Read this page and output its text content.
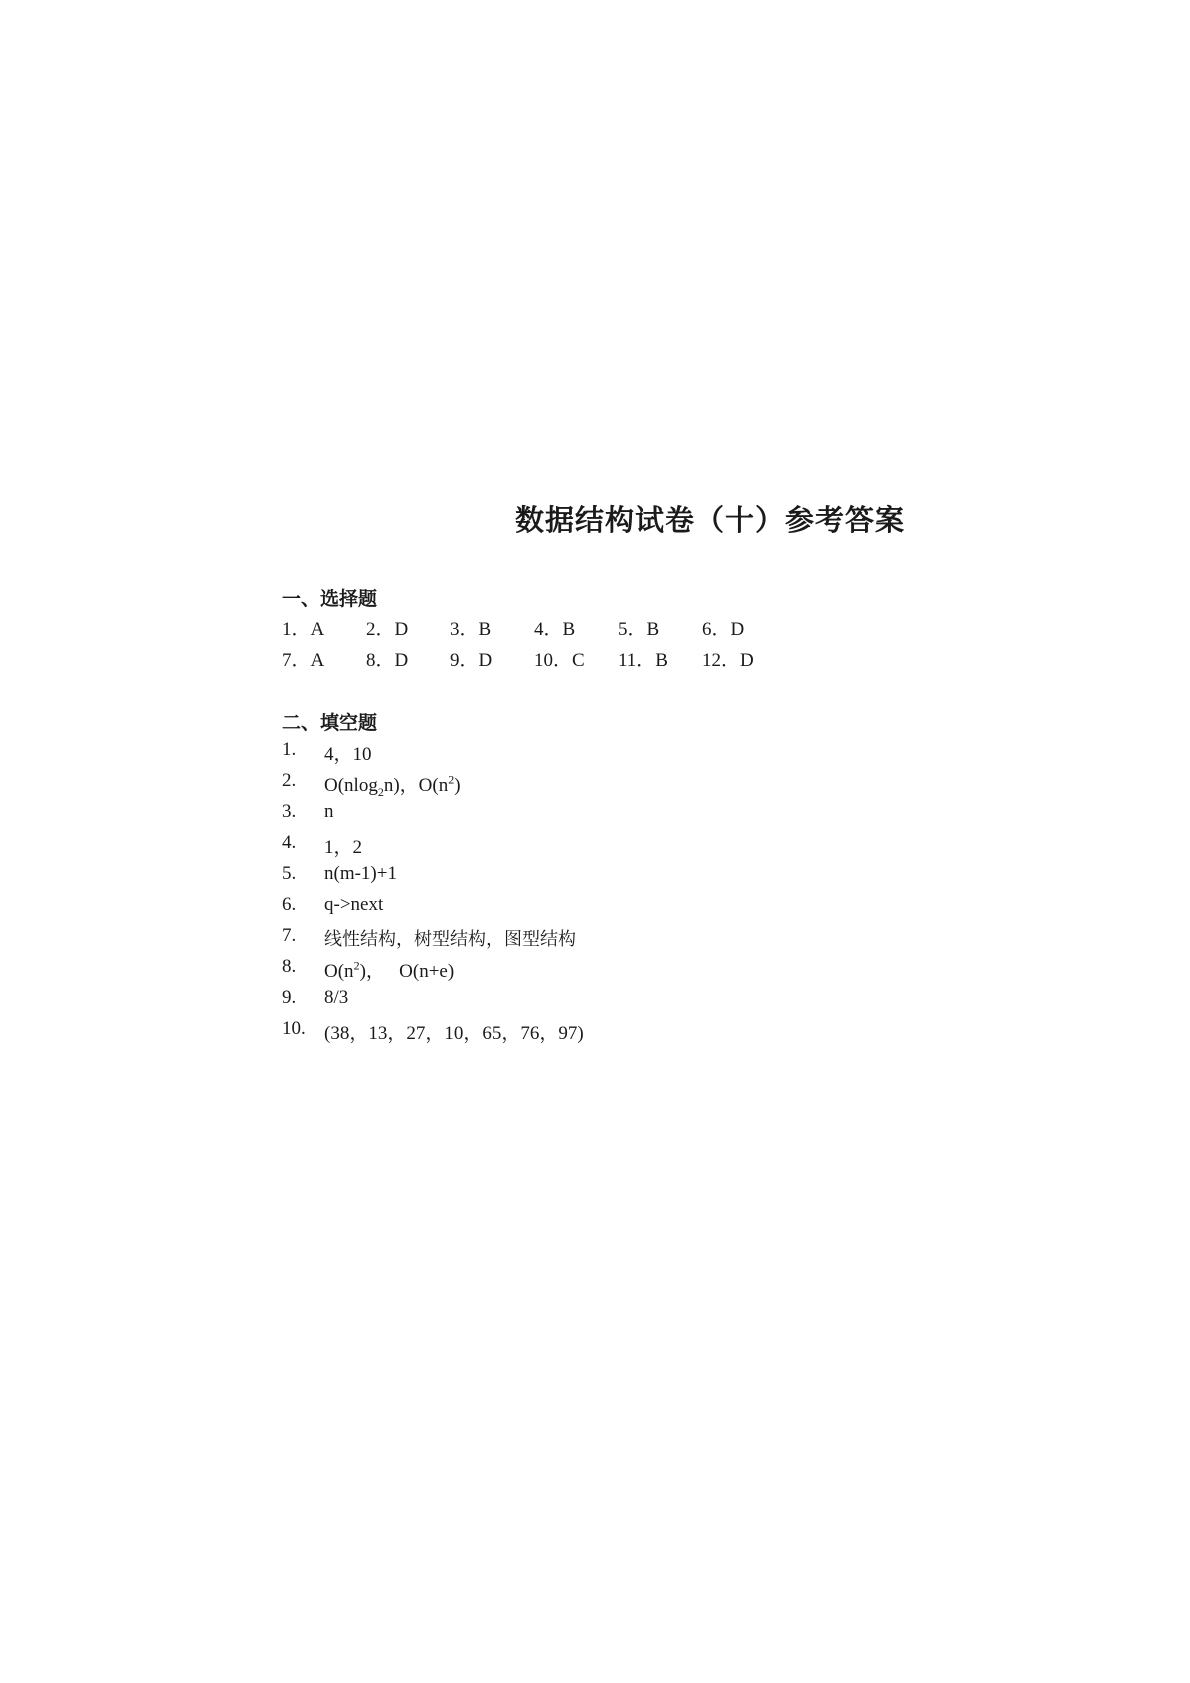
数据结构试卷（十）参考答案
一、选择题
1．A 2．D 3．B 4．B 5．B 6．D
7．A 8．D 9．D 10．C 11．B 12．D
二、填空题
1. 4，10
2. O(nlog$_2$n)，$O(n^2)$
3. n
4. 1，2
5. n(m-1)+1
6. q->next
7. 线性结构，树型结构，图型结构
8. $O(n^2)$，   O(n+e)
9. 8/3
10. (38，13，27，10，65，76，97)
